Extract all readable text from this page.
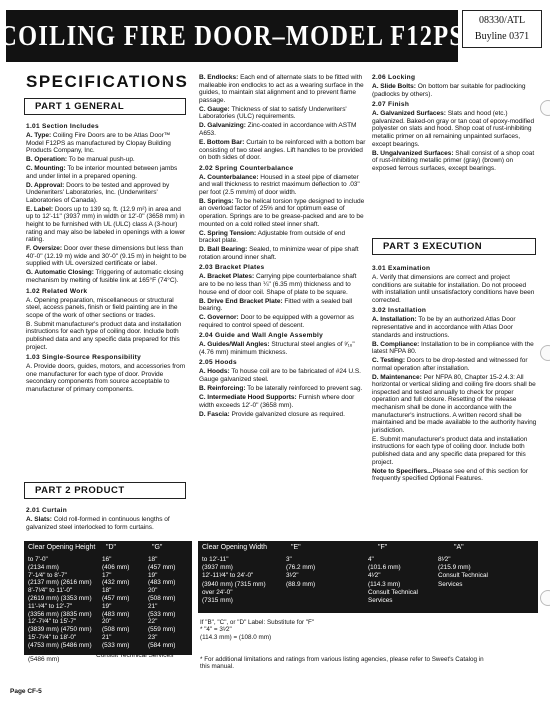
COILING FIRE DOOR–MODEL F12PS	08330/ATL
Buyline 0371
SPECIFICATIONS
PART 1 GENERAL

1.01 Section Includes

A. Type: Coiling Fire Doors are to be Atlas Door™ Model F12PS as manufactured by Clopay Building Products Company, Inc.

B. Operation: To be manual push-up.

C. Mounting: To be interior mounted between jambs and under lintel in a prepared opening.

D. Approval: Doors to be tested and approved by Underwriters' Laboratories, Inc. (Underwriters' Laboratories of Canada).

E. Label: Doors up to 139 sq. ft. (12.9 m²) in area and up to 12'-11" (3937 mm) in width or 12'-0" (3658 mm) in height to be furnished with UL (ULC) class A (3-hour) rating and may also be labeled in openings with a lower rating.

F. Oversize: Door over these dimensions but less than 40'-0" (12.19 m) wide and 30'-0" (9.15 m) in height to be supplied with UL oversized certificate or label.

G. Automatic Closing: Triggering of automatic closing mechanism by melting of fusible link at 165°F (74°C).

1.02 Related Work

A. Opening preparation, miscellaneous or structural steel, access panels, finish or field painting are in the scope of the work of other sections or trades.

B. Submit manufacturer's product data and installation instructions for each type of coiling door. Include both published data and any specific data prepared for this project.

1.03 Single-Source Responsibility

A. Provide doors, guides, motors, and accessories from one manufacturer for each type of door. Provide secondary components from source acceptable to manufacturer of primary components.

PART 2 PRODUCT

2.01 Curtain

A. Slats: Cold roll-formed in continuous lengths of galvanized steel interlocked to form curtains.

B. Endlocks: Each end of alternate slats to be fitted with malleable iron endlocks to act as a wearing surface in the guides, to maintain slat alignment and to prevent flame passage.

C. Gauge: Thickness of slat to satisfy Underwriters' Laboratories (ULC) requirements.

D. Galvanizing: Zinc-coated in accordance with ASTM A653.

E. Bottom Bar: Curtain to be reinforced with a bottom bar consisting of two steel angles. Lift handles to be provided on both sides of door.

2.02 Spring Counterbalance

A. Counterbalance: Housed in a steel pipe of diameter and wall thickness to restrict maximum deflection to .03" per foot (2.5 mm/m) of door width.

B. Springs: To be helical torsion type designed to include an overload factor of 25% and for optimum ease of operation. Springs are to be grease-packed and are to be mounted on a cold rolled steel inner shaft.

C. Spring Tension: Adjustable from outside of end bracket plate.

D. Ball Bearing: Sealed, to minimize wear of pipe shaft rotation around inner shaft.

2.03 Bracket Plates

A. Bracket Plates: Carrying pipe counterbalance shaft are to be no less than ¼" (6.35 mm) thickness and to house end of door coil. Shape of plate to be square.

B. Drive End Bracket Plate: Fitted with a sealed ball bearing.

C. Governor: Door to be equipped with a governor as required to control speed of descent.

2.04 Guide and Wall Angle Assembly

A. Guides/Wall Angles: Structural steel angles of ³⁄₁₆" (4.76 mm) minimum thickness.

2.05 Hoods

A. Hoods: To house coil are to be fabricated of #24 U.S. Gauge galvanized steel.

B. Reinforcing: To be laterally reinforced to prevent sag.

C. Intermediate Hood Supports: Furnish where door width exceeds 12'-0" (3658 mm).

D. Fascia: Provide galvanized closure as required.

2.06 Locking

A. Slide Bolts: On bottom bar suitable for padlocking (padlocks by others).

2.07 Finish

A. Galvanized Surfaces: Slats and hood (etc.) galvanized. Baked-on gray or tan coat of epoxy-modified polyester on slats and hood. Shop coat of rust-inhibiting metallic primer on all remaining unpainted surfaces, except bearings.

B. Ungalvanized Surfaces: Shall consist of a shop coat of rust-inhibiting metallic primer (gray) (brown) on exposed ferrous surfaces, except bearings.

PART 3 EXECUTION

3.01 Examination

A. Verify that dimensions are correct and project conditions are suitable for installation. Do not proceed with installation until unsatisfactory conditions have been corrected.

3.02 Installation

A. Installation: To be by an authorized Atlas Door representative and in accordance with Atlas Door standards and instructions.

B. Compliance: Installation to be in compliance with the latest NFPA 80.

C. Testing: Doors to be drop-tested and witnessed for normal operation after installation.

D. Maintenance: Per NFPA 80, Chapter 15-2.4.3: All horizontal or vertical sliding and coiling fire doors shall be inspected and tested annually to check for proper operation and full closure. Resetting of the release mechanism shall be done in accordance with the manufacturer's instructions. A written record shall be maintained and be made available to the authority having jurisdiction.

E. Submit manufacturer's product data and installation instructions for each type of coiling door. Include both published data and any specific data prepared for this project.

Note to Specifiers...Please see end of this section for frequently specified Optional Features.

Clear Opening Height "D"	"G"
to 7'-0"	16"	18"
(2134 mm)	(406 mm)	(457 mm)
7'-1⁄4" to 8'-7"	17"	19"
(2137 mm) (2616 mm) (432 mm)	(483 mm)
8'-7¹⁄4" to 11'-0"	18"	20"
(2619 mm) (3353 mm) (457 mm)	(508 mm)
11'-¹⁄4" to 12'-7"	19"	21"
(3356 mm) (3835 mm) (483 mm)	(533 mm)
12'-7¹⁄4" to 15'-7"	20"	22"
(3839 mm) (4750 mm) (508 mm)	(559 mm)
15'-7¹⁄4" to 18'-0"	21"	23"
(4753 mm) (5486 mm) (533 mm)	(584 mm)

over 18'-0"

(5486 mm)

Consult Technical Services

Clear Opening Width	"E"	"F"	"A"
to 12'-11"	3"	4"	8¹⁄2"
(3937 mm)	(76.2 mm)	(101.6 mm)	(215.9 mm)
12'-11¹⁄4" to 24'-0"	3¹⁄2"	4¹⁄2"	Consult Technical
(3940 mm) (7315 mm)	(88.9 mm)	(114.3 mm)	Services
over 24'-0"	Consult Technical
(7315 mm)	Services
If "B", "C", or "D" Label: Substitute for "F"
* "4" = 3¹⁄2"
(114.3 mm) = (108.0 mm)
* For additional limitations and ratings from various listing agencies, please refer to Sweet's Catalog in this manual.
Page CF-5
